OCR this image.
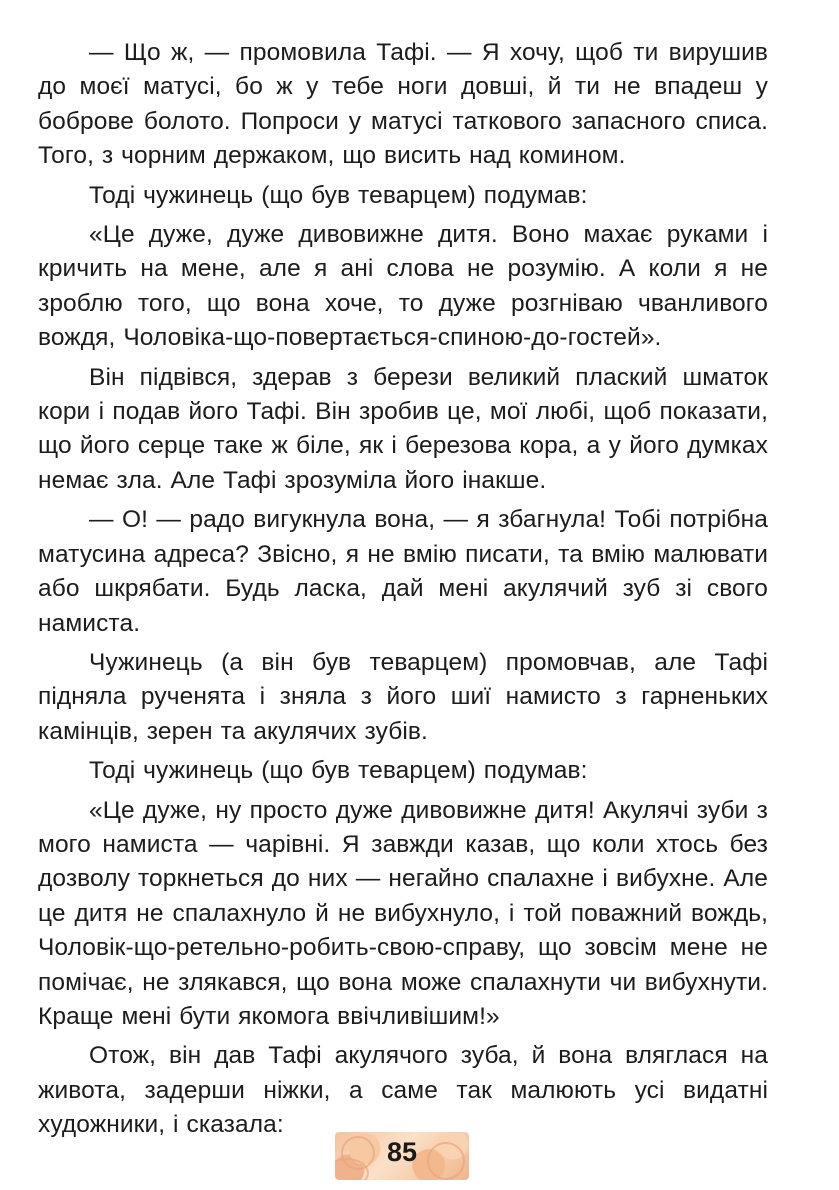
— Що ж, — промовила Тафі. — Я хочу, щоб ти вирушив до моєї матусі, бо ж у тебе ноги довші, й ти не впадеш у боброве болото. Попроси у матусі таткового запасного списа. Того, з чорним держаком, що висить над комином.

Тоді чужинець (що був теварцем) подумав:

«Це дуже, дуже дивовижне дитя. Воно махає руками і кричить на мене, але я ані слова не розумію. А коли я не зроблю того, що вона хоче, то дуже розгніваю чванливого вождя, Чоловіка-що-повертається-спиною-до-гостей».

Він підвівся, здерав з берези великий плаский шматок кори і подав його Тафі. Він зробив це, мої любі, щоб показати, що його серце таке ж біле, як і березова кора, а у його думках немає зла. Але Тафі зрозуміла його інакше.

— О! — радо вигукнула вона, — я збагнула! Тобі потрібна матусина адреса? Звісно, я не вмію писати, та вмію малювати або шкрябати. Будь ласка, дай мені акулячий зуб зі свого намиста.

Чужинець (а він був теварцем) промовчав, але Тафі підняла рученята і зняла з його шиї намисто з гарненьких камінців, зерен та акулячих зубів.

Тоді чужинець (що був теварцем) подумав:

«Це дуже, ну просто дуже дивовижне дитя! Акулячі зуби з мого намиста — чарівні. Я завжди казав, що коли хтось без дозволу торкнеться до них — негайно спалахне і вибухне. Але це дитя не спалахнуло й не вибухнуло, і той поважний вождь, Чоловік-що-ретельно-робить-свою-справу, що зовсім мене не помічає, не злякався, що вона може спалахнути чи вибухнути. Краще мені бути якомога ввічливішим!»

Отож, він дав Тафі акулячого зуба, й вона вляглася на живота, задерши ніжки, а саме так малюють усі видатні художники, і сказала:

85
